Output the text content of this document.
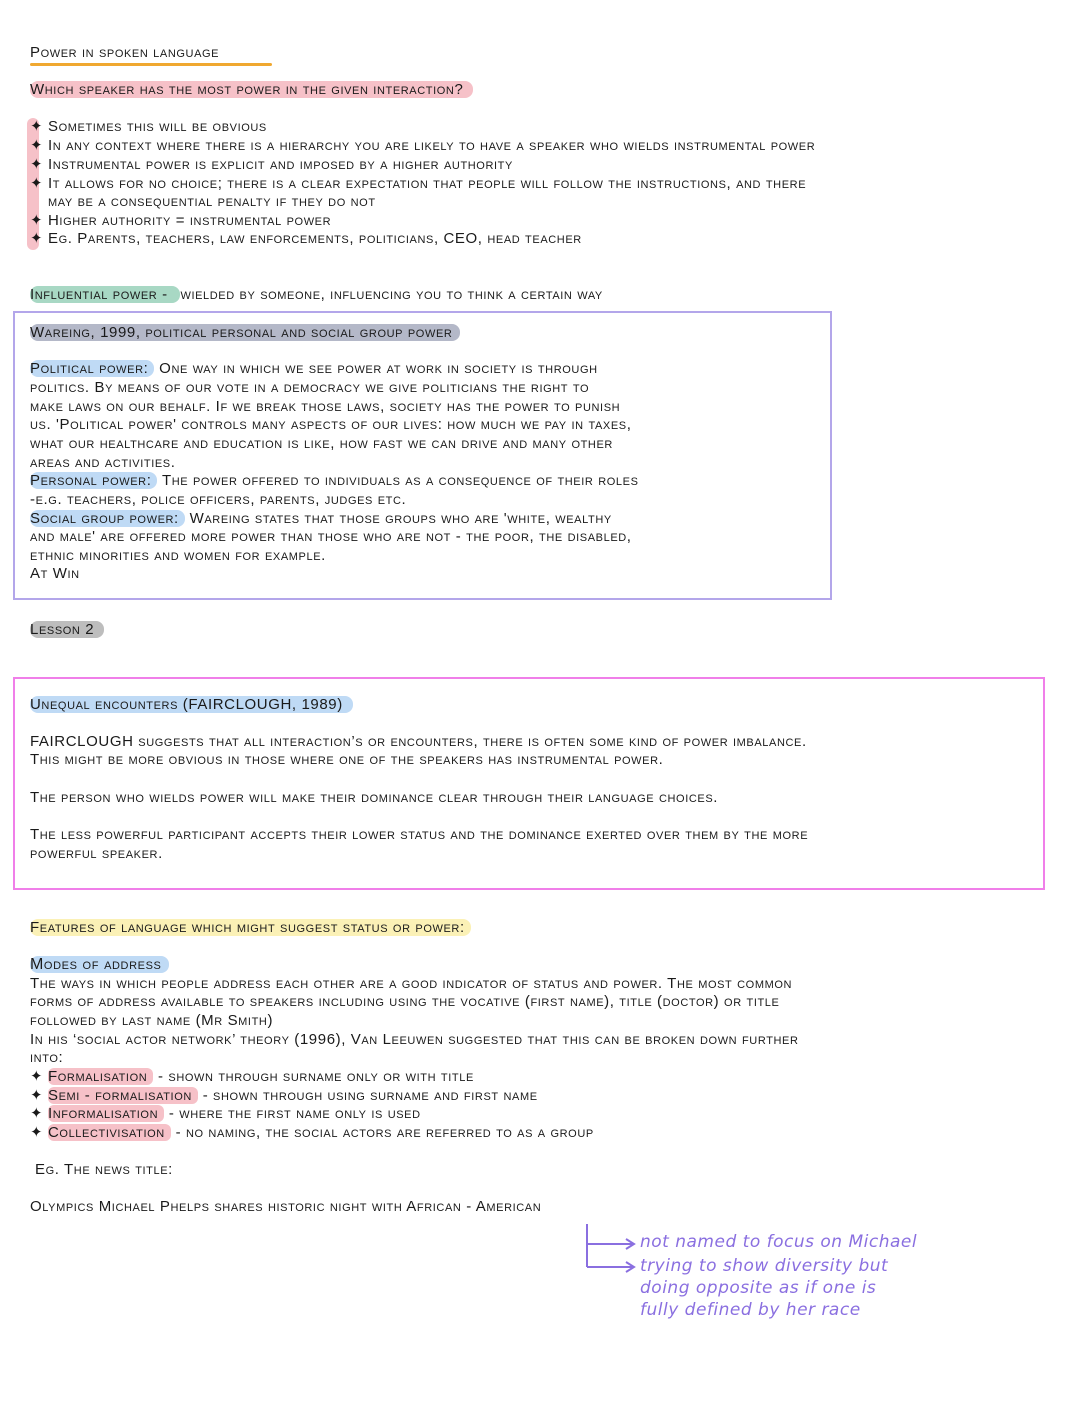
Power in spoken language
Which speaker has the most power in the given interaction?
✦ Sometimes this will be obvious
✦ In any context where there is a hierarchy you are likely to have a speaker who wields instrumental power
✦ Instrumental power is explicit and imposed by a higher authority
✦ It allows for no choice; there is a clear expectation that people will follow the instructions, and there
may be a consequential penalty if they do not
✦ Higher authority = instrumental power
✦ Eg. Parents, teachers, law enforcements, politicians, CEO, head teacher
Influential power - wielded by someone, influencing you to think a certain way
Wareing, 1999, political personal and social group power
Political power: One way in which we see power at work in society is through
politics. By means of our vote in a democracy we give politicians the right to
make laws on our behalf. If we break those laws, society has the power to punish
us. 'Political power' controls many aspects of our lives: how much we pay in taxes,
what our healthcare and education is like, how fast we can drive and many other
areas and activities.
Personal power: The power offered to individuals as a consequence of their roles
-e.g. teachers, police officers, parents, judges etc.
Social group power: Wareing states that those groups who are 'white, wealthy
and male' are offered more power than those who are not - the poor, the disabled,
ethnic minorities and women for example.
At Win
Lesson 2
Unequal encounters (FAIRCLOUGH, 1989)
FAIRCLOUGH suggests that all interaction’s or encounters, there is often some kind of power imbalance.
This might be more obvious in those where one of the speakers has instrumental power.
The person who wields power will make their dominance clear through their language choices.
The less powerful participant accepts their lower status and the dominance exerted over them by the more
powerful speaker.
Features of language which might suggest status or power:
Modes of address
The ways in which people address each other are a good indicator of status and power. The most common
forms of address available to speakers including using the vocative (first name), title (doctor) or title
followed by last name (Mr Smith)
In his ‘social actor network’ theory (1996), Van Leeuwen suggested that this can be broken down further
into:
✦ Formalisation - shown through surname only or with title
✦ Semi - formalisation - shown through using surname and first name
✦ Informalisation - where the first name only is used
✦ Collectivisation - no naming, the social actors are referred to as a group
Eg. The news title:
Olympics Michael Phelps shares historic night with African - American
not named to focus on Michael
trying to show diversity but
doing opposite as if one is
fully defined by her race
